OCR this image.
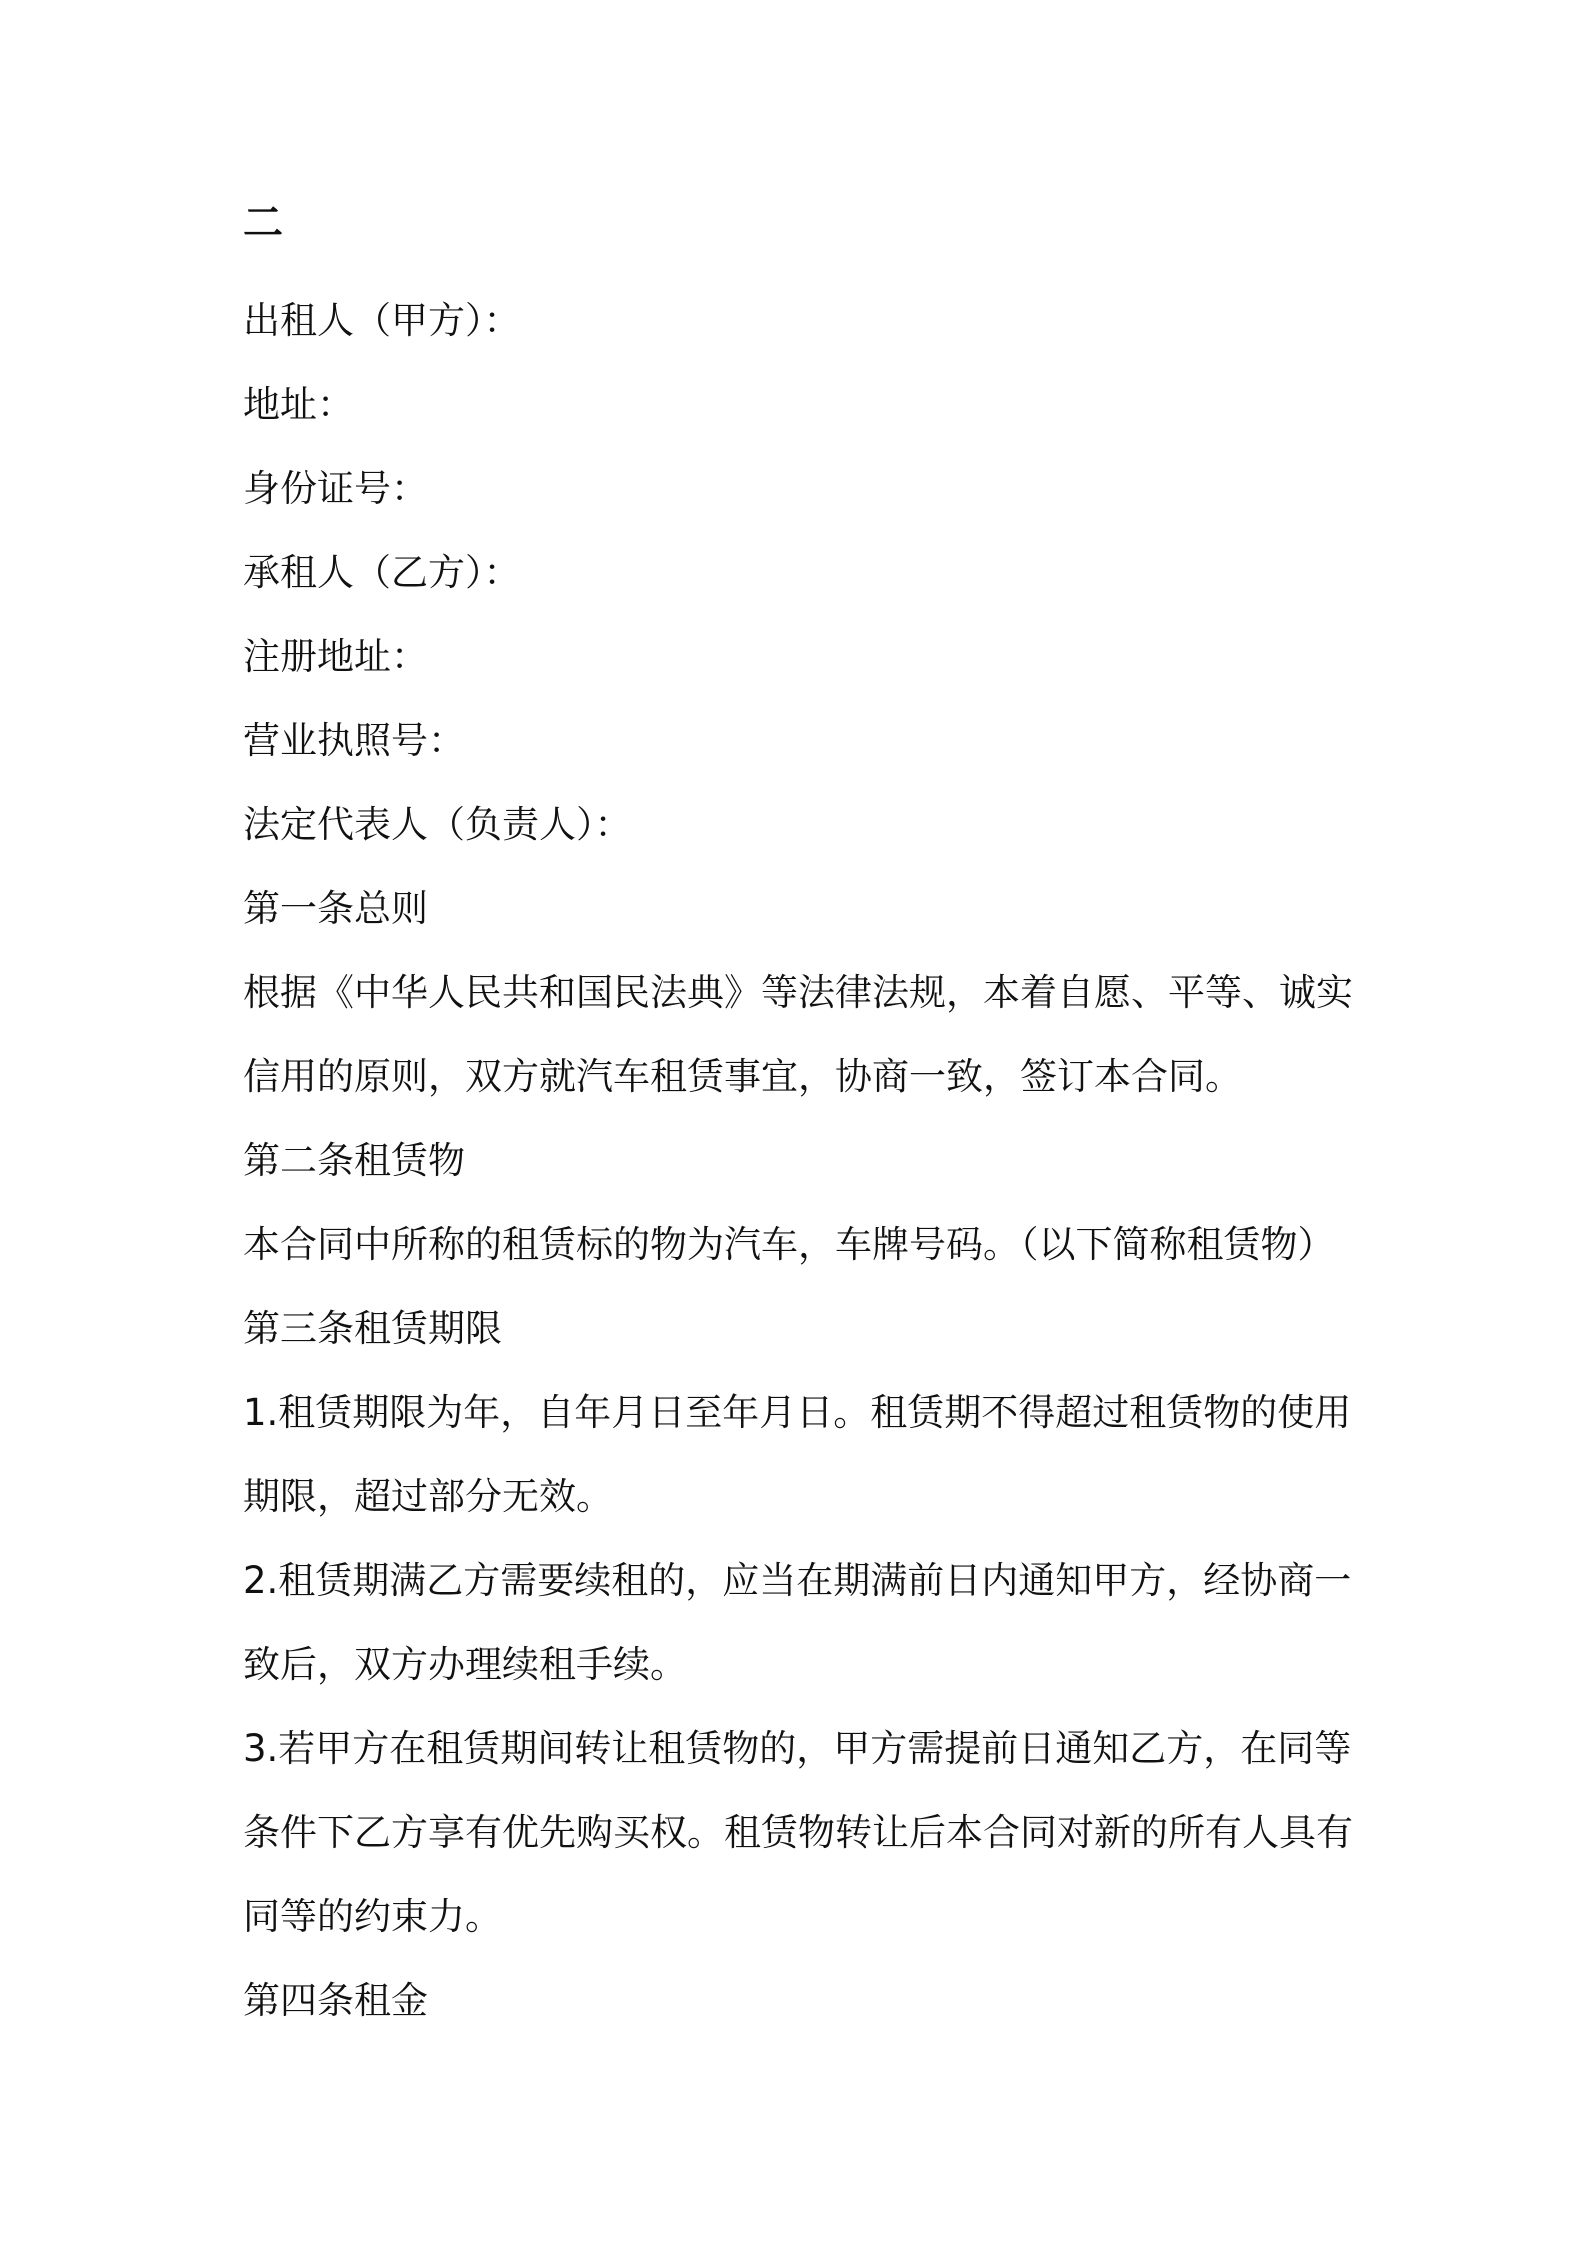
二
出租人（甲方）：
地址：
身份证号：
承租人（乙方）：
注册地址：
营业执照号：
法定代表人（负责人）：
第一条总则
根据《中华人民共和国民法典》等法律法规，本着自愿、平等、诚实
信用的原则，双方就汽车租赁事宜，协商一致，签订本合同。
第二条租赁物
本合同中所称的租赁标的物为汽车，车牌号码。（以下简称租赁物）
第三条租赁期限
1.租赁期限为年，自年月日至年月日。租赁期不得超过租赁物的使用
期限，超过部分无效。
2.租赁期满乙方需要续租的，应当在期满前日内通知甲方，经协商一
致后，双方办理续租手续。
3.若甲方在租赁期间转让租赁物的，甲方需提前日通知乙方，在同等
条件下乙方享有优先购买权。租赁物转让后本合同对新的所有人具有
同等的约束力。
第四条租金
